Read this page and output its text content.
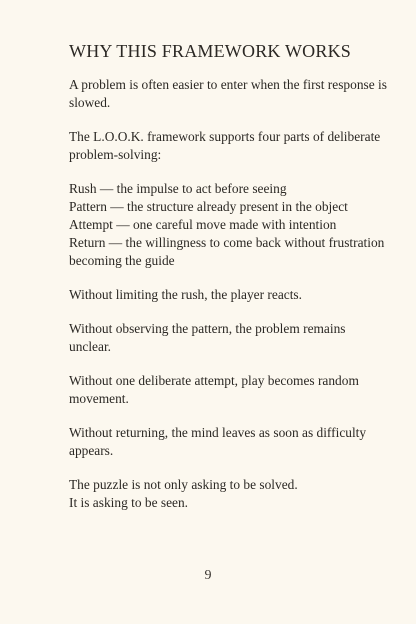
WHY THIS FRAMEWORK WORKS

A problem is often easier to enter when the first response is
slowed.

The L.O.O.K. framework supports four parts of deliberate
problem-solving:

Rush — the impulse to act before seeing
Pattern — the structure already present in the object
Attempt — one careful move made with intention
Return — the willingness to come back without frustration
becoming the guide

Without limiting the rush, the player reacts.

Without observing the pattern, the problem remains
unclear.

Without one deliberate attempt, play becomes random
movement.

Without returning, the mind leaves as soon as difficulty
appears.

The puzzle is not only asking to be solved.
It is asking to be seen.

9
